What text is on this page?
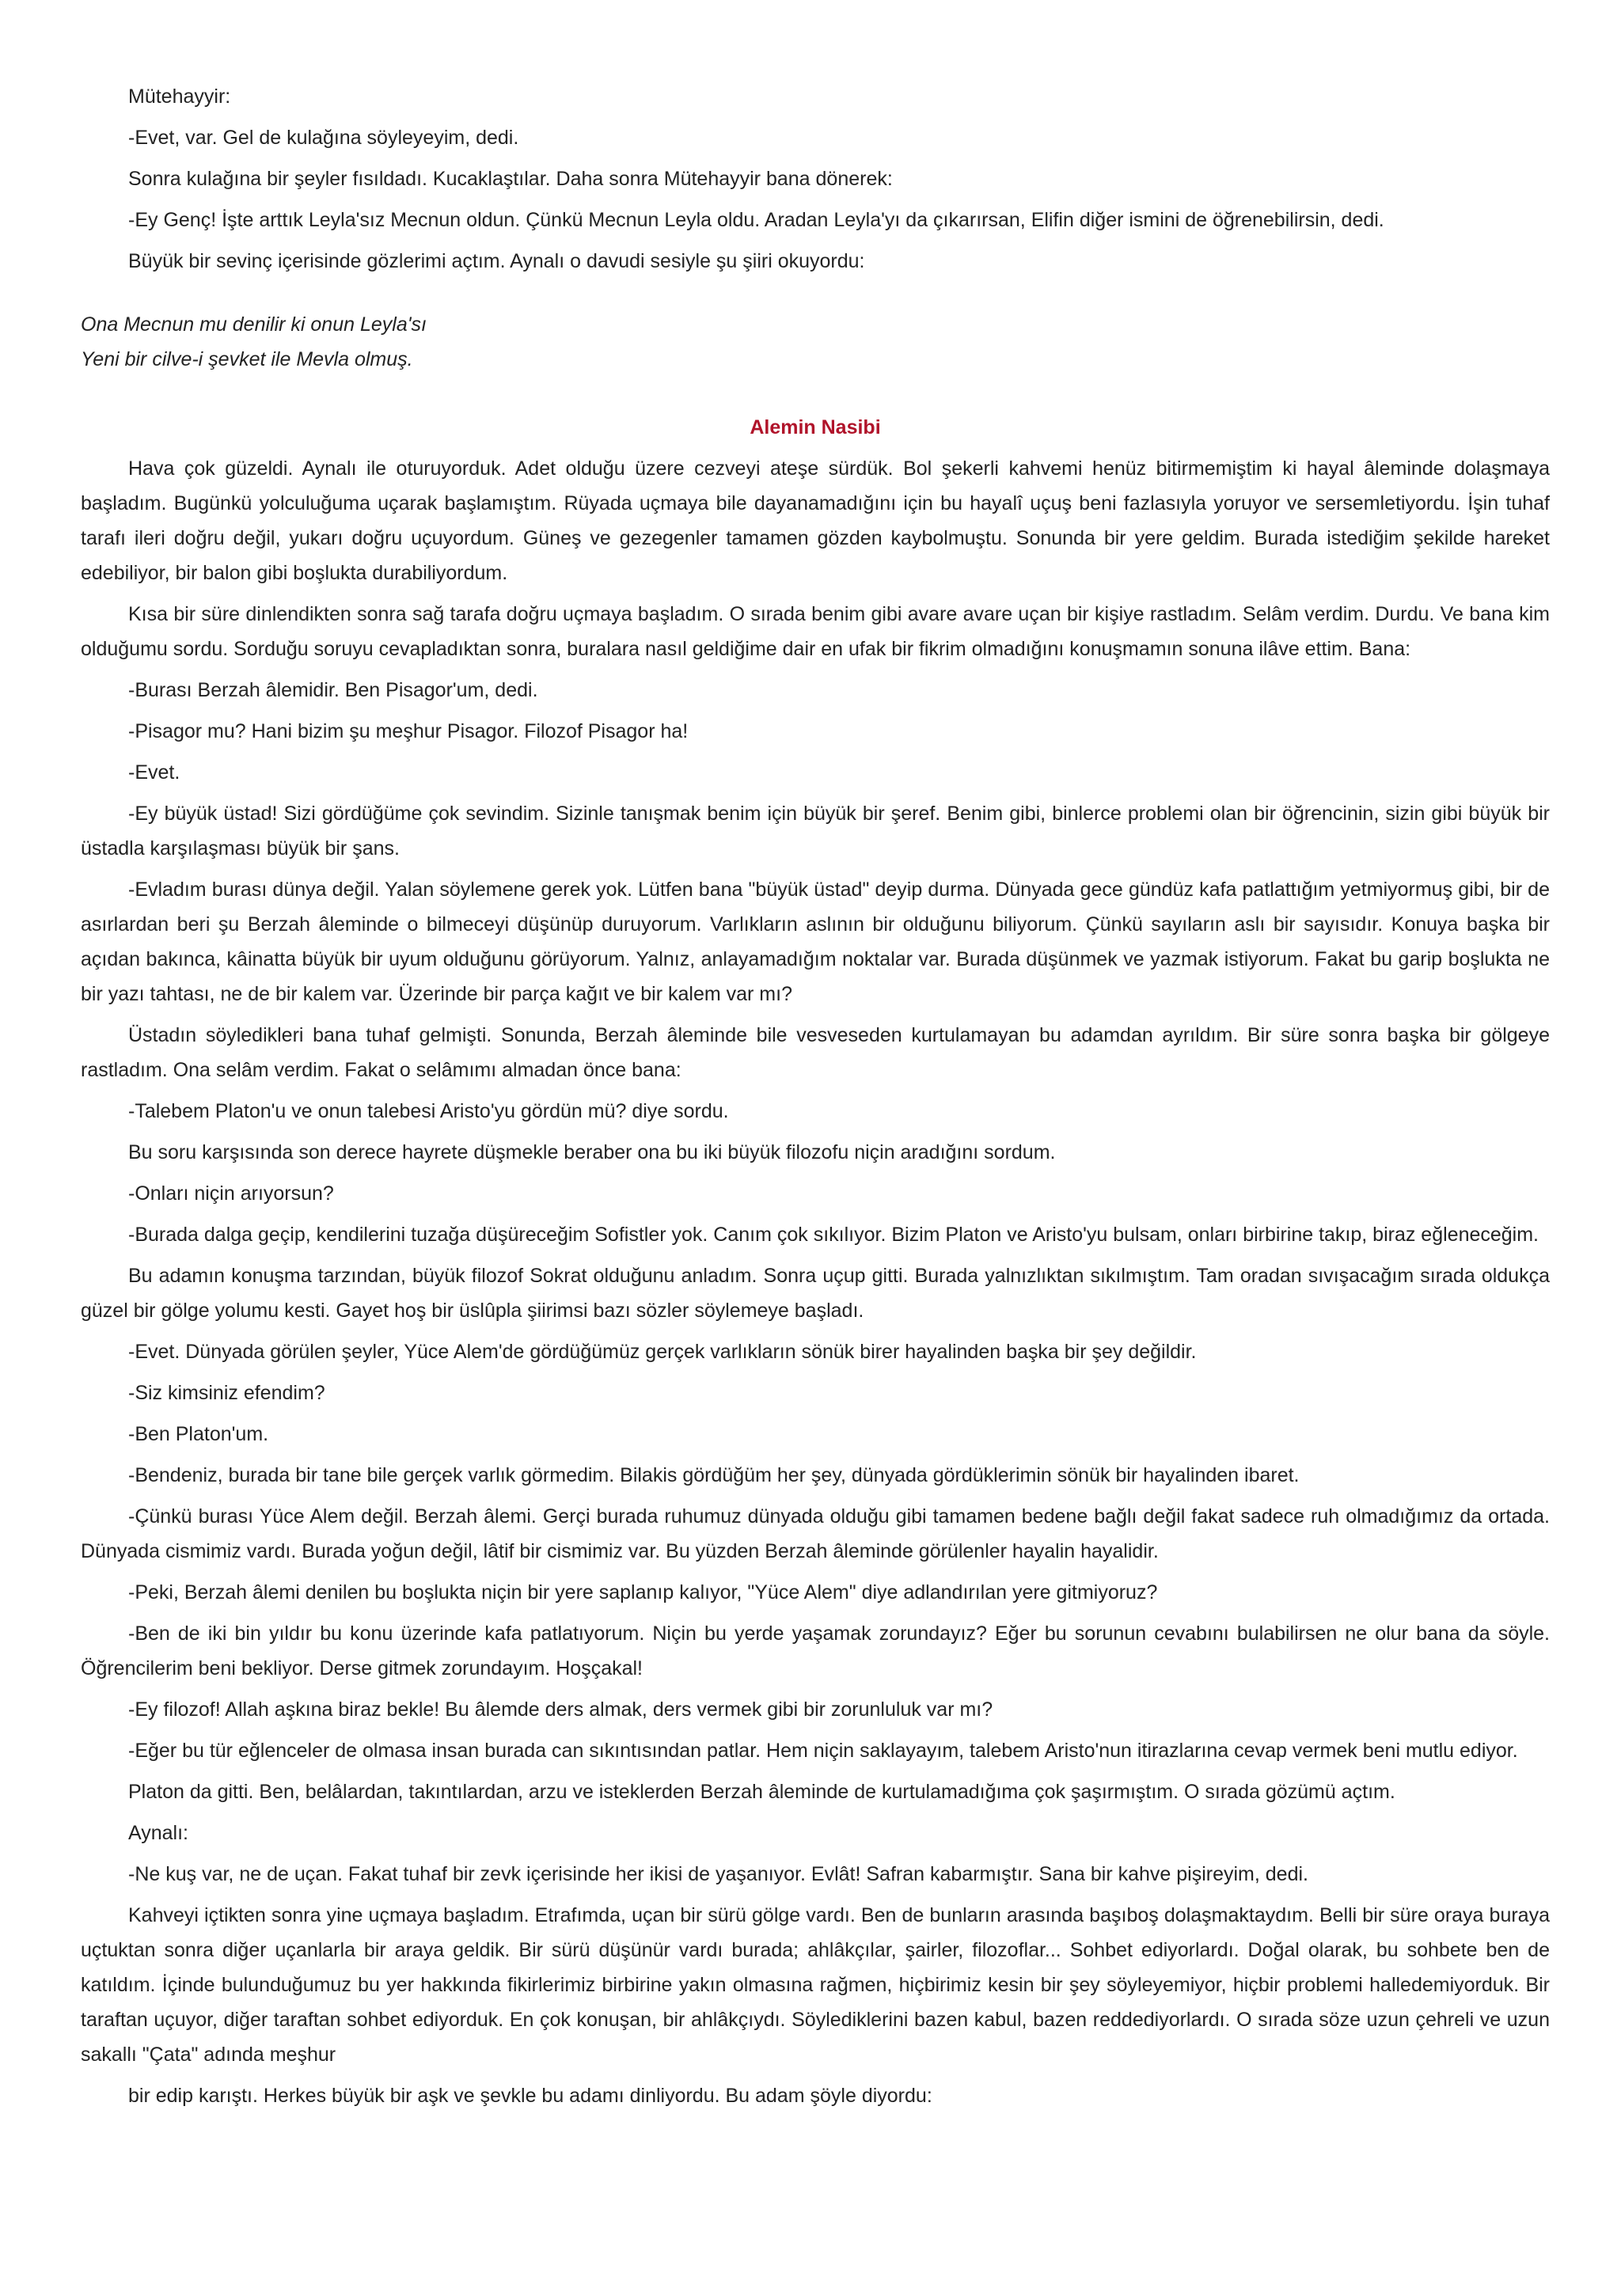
Mütehayyir:

-Evet, var. Gel de kulağına söyleyeyim, dedi.

Sonra kulağına bir şeyler fısıldadı. Kucaklaştılar. Daha sonra Mütehayyir bana dönerek:

-Ey Genç! İşte arttık Leyla'sız Mecnun oldun. Çünkü Mecnun Leyla oldu. Aradan Leyla'yı da çıkarırsan, Elifin diğer ismini de öğrenebilirsin, dedi.

Büyük bir sevinç içerisinde gözlerimi açtım. Aynalı o davudi sesiyle şu şiiri okuyordu:

Ona Mecnun mu denilir ki onun Leyla'sı

Yeni bir cilve-i şevket ile Mevla olmuş.

Alemin Nasibi

Hava çok güzeldi. Aynalı ile oturuyorduk. Adet olduğu üzere cezveyi ateşe sürdük. Bol şekerli kahvemi henüz bitirmemiştim ki hayal âleminde dolaşmaya başladım. Bugünkü yolculuğuma uçarak başlamıştım. Rüyada uçmaya bile dayanamadığını için bu hayalî uçuş beni fazlasıyla yoruyor ve sersemletiyordu. İşin tuhaf tarafı ileri doğru değil, yukarı doğru uçuyordum. Güneş ve gezegenler tamamen gözden kaybolmuştu. Sonunda bir yere geldim. Burada istediğim şekilde hareket edebiliyor, bir balon gibi boşlukta durabiliyordum.

Kısa bir süre dinlendikten sonra sağ tarafa doğru uçmaya başladım. O sırada benim gibi avare avare uçan bir kişiye rastladım. Selâm verdim. Durdu. Ve bana kim olduğumu sordu. Sorduğu soruyu cevapladıktan sonra, buralara nasıl geldiğime dair en ufak bir fikrim olmadığını konuşmamın sonuna ilâve ettim. Bana:

-Burası Berzah âlemidir. Ben Pisagor'um, dedi.

-Pisagor mu? Hani bizim şu meşhur Pisagor. Filozof Pisagor ha!

-Evet.

-Ey büyük üstad! Sizi gördüğüme çok sevindim. Sizinle tanışmak benim için büyük bir şeref. Benim gibi, binlerce problemi olan bir öğrencinin, sizin gibi büyük bir üstadla karşılaşması büyük bir şans.

-Evladım burası dünya değil. Yalan söylemene gerek yok. Lütfen bana "büyük üstad" deyip durma. Dünyada gece gündüz kafa patlattığım yetmiyormuş gibi, bir de asırlardan beri şu Berzah âleminde o bilmeceyi düşünüp duruyorum. Varlıkların aslının bir olduğunu biliyorum. Çünkü sayıların aslı bir sayısıdır. Konuya başka bir açıdan bakınca, kâinatta büyük bir uyum olduğunu görüyorum. Yalnız, anlayamadığım noktalar var. Burada düşünmek ve yazmak istiyorum. Fakat bu garip boşlukta ne bir yazı tahtası, ne de bir kalem var. Üzerinde bir parça kağıt ve bir kalem var mı?

Üstadın söyledikleri bana tuhaf gelmişti. Sonunda, Berzah âleminde bile vesveseden kurtulamayan bu adamdan ayrıldım. Bir süre sonra başka bir gölgeye rastladım. Ona selâm verdim. Fakat o selâmımı almadan önce bana:

-Talebem Platon'u ve onun talebesi Aristo'yu gördün mü? diye sordu.

Bu soru karşısında son derece hayrete düşmekle beraber ona bu iki büyük filozofu niçin aradığını sordum.

-Onları niçin arıyorsun?

-Burada dalga geçip, kendilerini tuzağa düşüreceğim Sofistler yok. Canım çok sıkılıyor. Bizim Platon ve Aristo'yu bulsam, onları birbirine takıp, biraz eğleneceğim.

Bu adamın konuşma tarzından, büyük filozof Sokrat olduğunu anladım. Sonra uçup gitti. Burada yalnızlıktan sıkılmıştım. Tam oradan sıvışacağım sırada oldukça güzel bir gölge yolumu kesti. Gayet hoş bir üslûpla şiirimsi bazı sözler söylemeye başladı.

-Evet. Dünyada görülen şeyler, Yüce Alem'de gördüğümüz gerçek varlıkların sönük birer hayalinden başka bir şey değildir.

-Siz kimsiniz efendim?

-Ben Platon'um.

-Bendeniz, burada bir tane bile gerçek varlık görmedim. Bilakis gördüğüm her şey, dünyada gördüklerimin sönük bir hayalinden ibaret.

-Çünkü burası Yüce Alem değil. Berzah âlemi. Gerçi burada ruhumuz dünyada olduğu gibi tamamen bedene bağlı değil fakat sadece ruh olmadığımız da ortada. Dünyada cismimiz vardı. Burada yoğun değil, lâtif bir cismimiz var. Bu yüzden Berzah âleminde görülenler hayalin hayalidir.

-Peki, Berzah âlemi denilen bu boşlukta niçin bir yere saplanıp kalıyor, "Yüce Alem" diye adlandırılan yere gitmiyoruz?

-Ben de iki bin yıldır bu konu üzerinde kafa patlatıyorum. Niçin bu yerde yaşamak zorundayız? Eğer bu sorunun cevabını bulabilirsen ne olur bana da söyle. Öğrencilerim beni bekliyor. Derse gitmek zorundayım. Hoşçakal!

-Ey filozof! Allah aşkına biraz bekle! Bu âlemde ders almak, ders vermek gibi bir zorunluluk var mı?

-Eğer bu tür eğlenceler de olmasa insan burada can sıkıntısından patlar. Hem niçin saklayayım, talebem Aristo'nun itirazlarına cevap vermek beni mutlu ediyor.

Platon da gitti. Ben, belâlardan, takıntılardan, arzu ve isteklerden Berzah âleminde de kurtulamadığıma çok şaşırmıştım. O sırada gözümü açtım.

Aynalı:

-Ne kuş var, ne de uçan. Fakat tuhaf bir zevk içerisinde her ikisi de yaşanıyor. Evlât! Safran kabarmıştır. Sana bir kahve pişireyim, dedi.

Kahveyi içtikten sonra yine uçmaya başladım. Etrafımda, uçan bir sürü gölge vardı. Ben de bunların arasında başıboş dolaşmaktaydım. Belli bir süre oraya buraya uçtuktan sonra diğer uçanlarla bir araya geldik. Bir sürü düşünür vardı burada; ahlâkçılar, şairler, filozoflar... Sohbet ediyorlardı. Doğal olarak, bu sohbete ben de katıldım. İçinde bulunduğumuz bu yer hakkında fikirlerimiz birbirine yakın olmasına rağmen, hiçbirimiz kesin bir şey söyleyemiyor, hiçbir problemi halledemiyorduk. Bir taraftan uçuyor, diğer taraftan sohbet ediyorduk. En çok konuşan, bir ahlâkçıydı. Söylediklerini bazen kabul, bazen reddediyorlardı. O sırada söze uzun çehreli ve uzun sakallı "Çata" adında meşhur

bir edip karıştı. Herkes büyük bir aşk ve şevkle bu adamı dinliyordu. Bu adam şöyle diyordu:
